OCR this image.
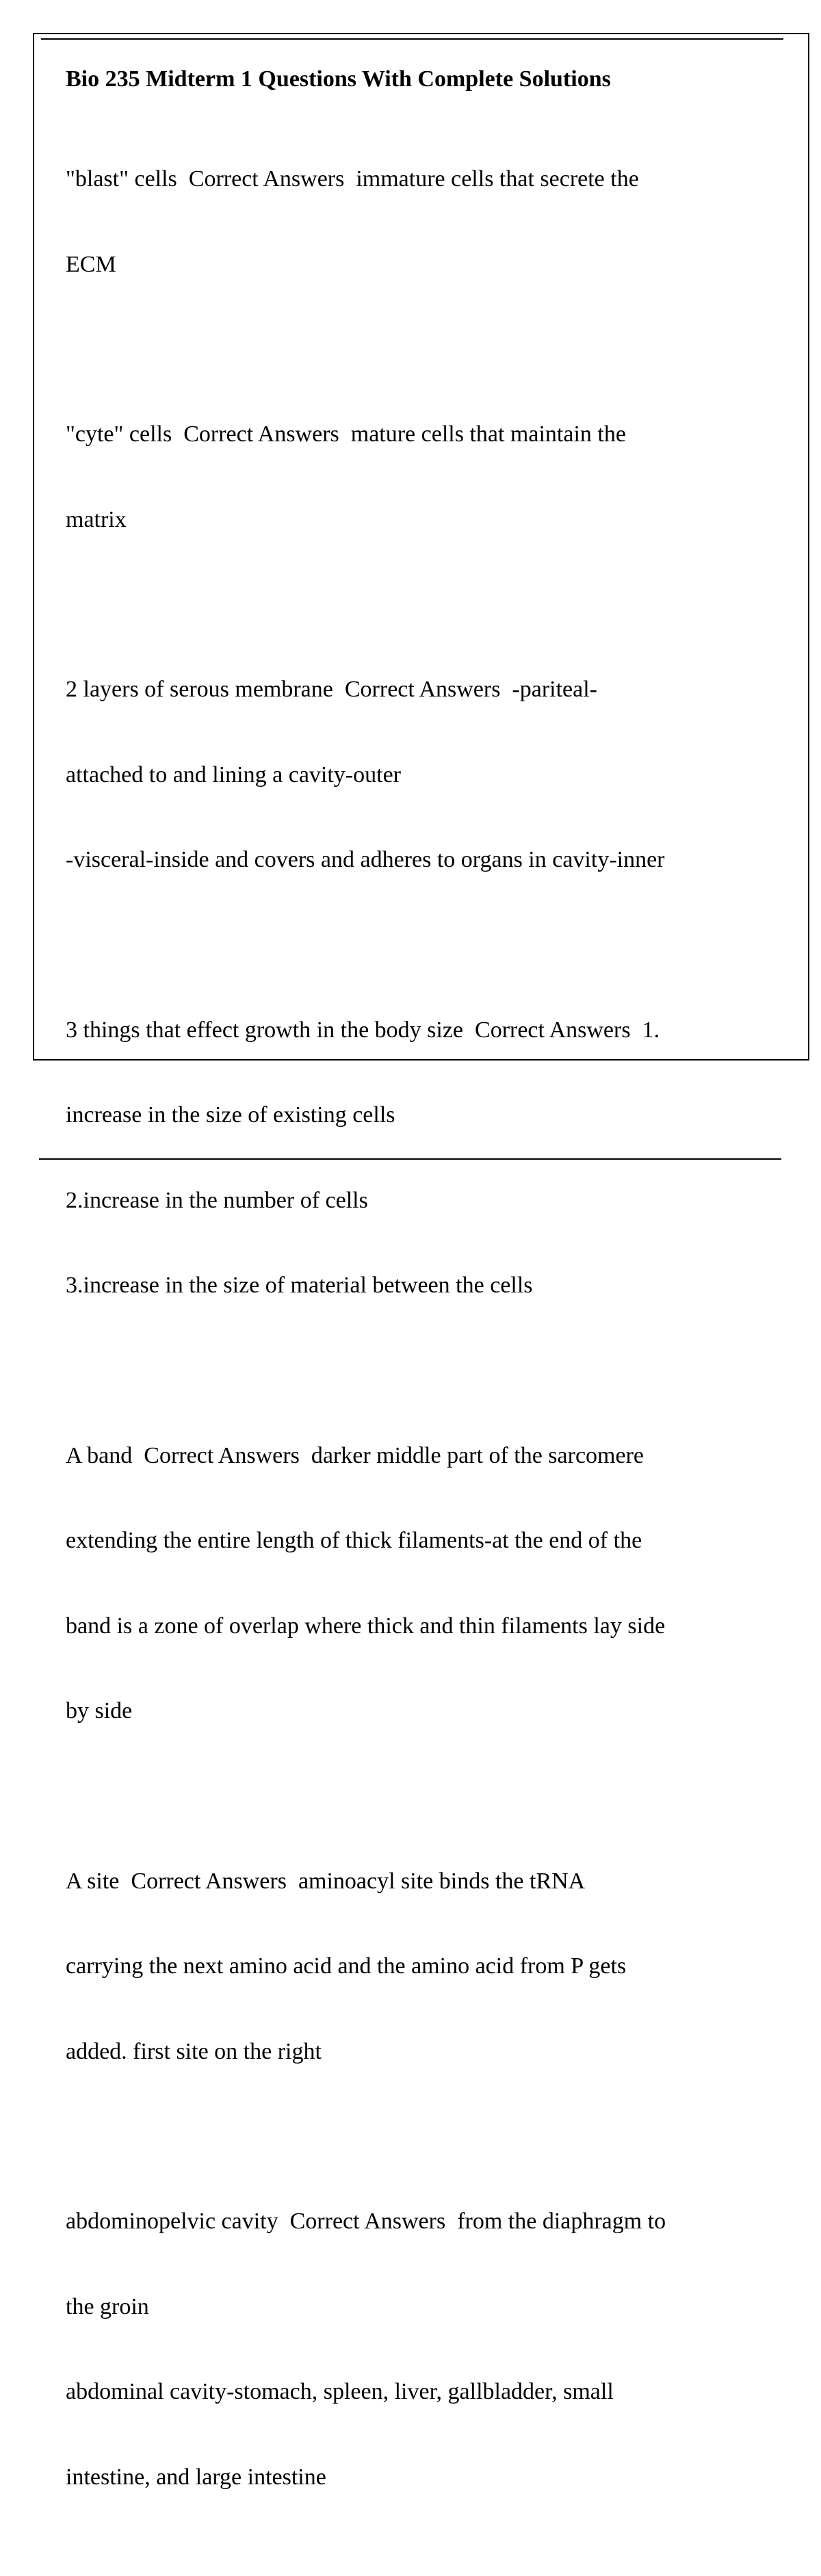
Bio 235 Midterm 1 Questions With Complete Solutions

"blast" cells  Correct Answers  immature cells that secrete the

ECM

"cyte" cells  Correct Answers  mature cells that maintain the

matrix

2 layers of serous membrane  Correct Answers  -pariteal-

attached to and lining a cavity-outer

-visceral-inside and covers and adheres to organs in cavity-inner

3 things that effect growth in the body size  Correct Answers  1.

increase in the size of existing cells

2.increase in the number of cells

3.increase in the size of material between the cells

A band  Correct Answers  darker middle part of the sarcomere

extending the entire length of thick filaments-at the end of the

band is a zone of overlap where thick and thin filaments lay side

by side

A site  Correct Answers  aminoacyl site binds the tRNA

carrying the next amino acid and the amino acid from P gets

added. first site on the right

abdominopelvic cavity  Correct Answers  from the diaphragm to

the groin

abdominal cavity-stomach, spleen, liver, gallbladder, small

intestine, and large intestine
